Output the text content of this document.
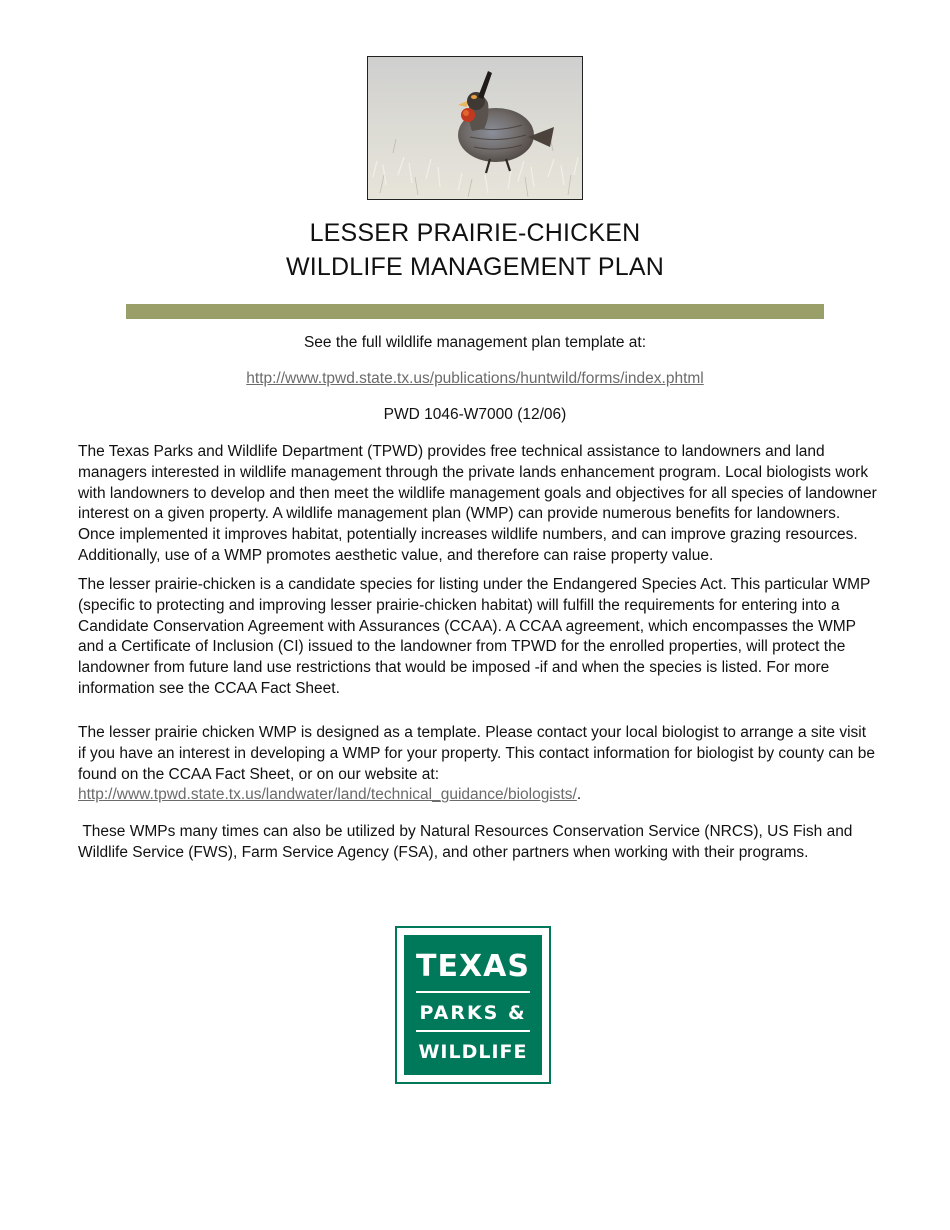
LESSER PRAIRIE-CHICKEN
WILDLIFE MANAGEMENT PLAN
See the full wildlife management plan template at:
http://www.tpwd.state.tx.us/publications/huntwild/forms/index.phtml
PWD 1046-W7000 (12/06)

The Texas Parks and Wildlife Department (TPWD) provides free technical assistance to landowners and land managers interested in wildlife management through the private lands enhancement program. Local biologists work with landowners to develop and then meet the wildlife management goals and objectives for all species of landowner interest on a given property. A wildlife management plan (WMP) can provide numerous benefits for landowners. Once implemented it improves habitat, potentially increases wildlife numbers, and can improve grazing resources. Additionally, use of a WMP promotes aesthetic value, and therefore can raise property value.

The lesser prairie-chicken is a candidate species for listing under the Endangered Species Act. This particular WMP (specific to protecting and improving lesser prairie-chicken habitat) will fulfill the requirements for entering into a Candidate Conservation Agreement with Assurances (CCAA). A CCAA agreement, which encompasses the WMP and a Certificate of Inclusion (CI) issued to the landowner from TPWD for the enrolled properties, will protect the landowner from future land use restrictions that would be imposed -if and when the species is listed. For more information see the CCAA Fact Sheet.

The lesser prairie chicken WMP is designed as a template. Please contact your local biologist to arrange a site visit if you have an interest in developing a WMP for your property. This contact information for biologist by county can be found on the CCAA Fact Sheet, or on our website at:
http://www.tpwd.state.tx.us/landwater/land/technical_guidance/biologists/.

These WMPs many times can also be utilized by Natural Resources Conservation Service (NRCS), US Fish and Wildlife Service (FWS), Farm Service Agency (FSA), and other partners when working with their programs.

TEXAS
PARKS &
WILDLIFE
